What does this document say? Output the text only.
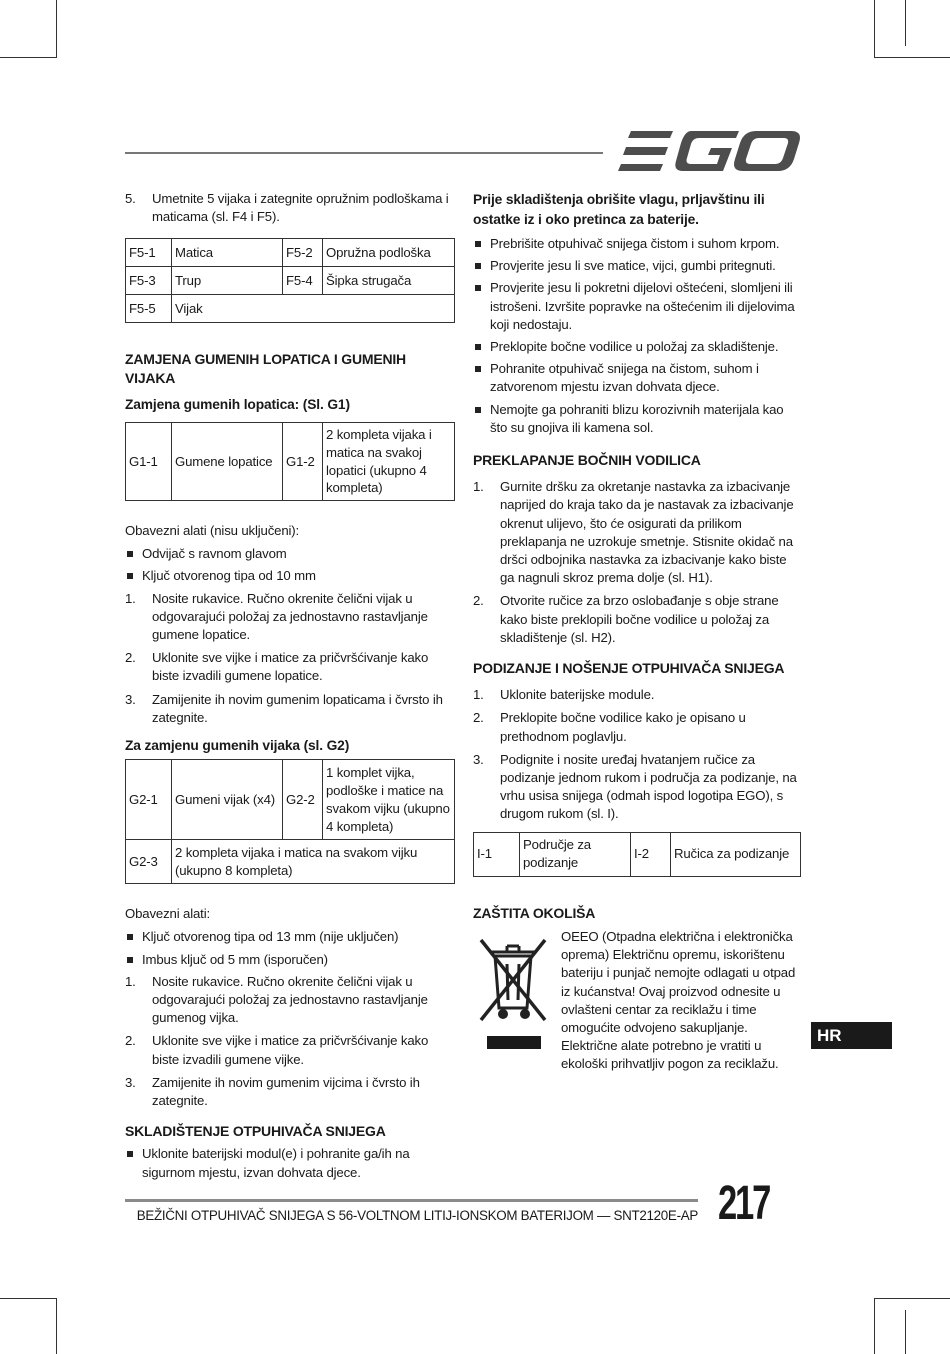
5. Umetnite 5 vijaka i zategnite opružnim podloškama i maticama (sl. F4 i F5).
F5-1	Matica	F5-2	Opružna podloška
F5-3	Trup	F5-4	Šipka strugača
F5-5	Vijak		
ZAMJENA GUMENIH LOPATICA I GUMENIH VIJAKA
Zamjena gumenih lopatica: (Sl. G1)
G1-1	Gumene lopatice	G1-2	2 kompleta vijaka i matica na svakoj lopatici (ukupno 4 kompleta)
Obavezni alati (nisu uključeni):
Odvijač s ravnom glavom
Ključ otvorenog tipa od 10 mm
1. Nosite rukavice. Ručno okrenite čelični vijak u odgovarajući položaj za jednostavno rastavljanje gumene lopatice.
2. Uklonite sve vijke i matice za pričvršćivanje kako biste izvadili gumene lopatice.
3. Zamijenite ih novim gumenim lopaticama i čvrsto ih zategnite.
Za zamjenu gumenih vijaka (sl. G2)
G2-1	Gumeni vijak (x4)	G2-2	1 komplet vijka, podloške i matice na svakom vijku (ukupno 4 kompleta)
G2-3	2 kompleta vijaka i matica na svakom vijku (ukupno 8 kompleta)		
Obavezni alati:
Ključ otvorenog tipa od 13 mm (nije uključen)
Imbus ključ od 5 mm (isporučen)
1. Nosite rukavice. Ručno okrenite čelični vijak u odgovarajući položaj za jednostavno rastavljanje gumenog vijka.
2. Uklonite sve vijke i matice za pričvršćivanje kako biste izvadili gumene vijke.
3. Zamijenite ih novim gumenim vijcima i čvrsto ih zategnite.
SKLADIŠTENJE OTPUHIVAČA SNIJEGA
Uklonite baterijski modul(e) i pohranite ga/ih na sigurnom mjestu, izvan dohvata djece.
Prije skladištenja obrišite vlagu, prljavštinu ili ostatke iz i oko pretinca za baterije.
Prebrišite otpuhivač snijega čistom i suhom krpom.
Provjerite jesu li sve matice, vijci, gumbi pritegnuti.
Provjerite jesu li pokretni dijelovi oštećeni, slomljeni ili istrošeni. Izvršite popravke na oštećenim ili dijelovima koji nedostaju.
Preklopite bočne vodilice u položaj za skladištenje.
Pohranite otpuhivač snijega na čistom, suhom i zatvorenom mjestu izvan dohvata djece.
Nemojte ga pohraniti blizu korozivnih materijala kao što su gnojiva ili kamena sol.
PREKLAPANJE BOČNIH VODILICA
1. Gurnite dršku za okretanje nastavka za izbacivanje naprijed do kraja tako da je nastavak za izbacivanje okrenut ulijevo, što će osigurati da prilikom preklapanja ne uzrokuje smetnje. Stisnite okidač na dršci odbojnika nastavka za izbacivanje kako biste ga nagnuli skroz prema dolje (sl. H1).
2. Otvorite ručice za brzo oslobađanje s obje strane kako biste preklopili bočne vodilice u položaj za skladištenje (sl. H2).
PODIZANJE I NOŠENJE OTPUHIVAČA SNIJEGA
1. Uklonite baterijske module.
2. Preklopite bočne vodilice kako je opisano u prethodnom poglavlju.
3. Podignite i nosite uređaj hvatanjem ručice za podizanje jednom rukom i područja za podizanje, na vrhu usisa snijega (odmah ispod logotipa EGO), s drugom rukom (sl. I).
I-1	Područje za podizanje	I-2	Ručica za podizanje
ZAŠTITA OKOLIŠA
OEEO (Otpadna električna i elektronička oprema) Električnu opremu, iskorištenu bateriju i punjač nemojte odlagati u otpad iz kućanstva! Ovaj proizvod odnesite u ovlašteni centar za reciklažu i time omogućite odvojeno sakupljanje. Električne alate potrebno je vratiti u ekološki prihvatljiv pogon za reciklažu.
HR
BEŽIČNI OTPUHIVAČ SNIJEGA S 56-VOLTNOM LITIJ-IONSKOM BATERIJOM — SNT2120E-AP 217
